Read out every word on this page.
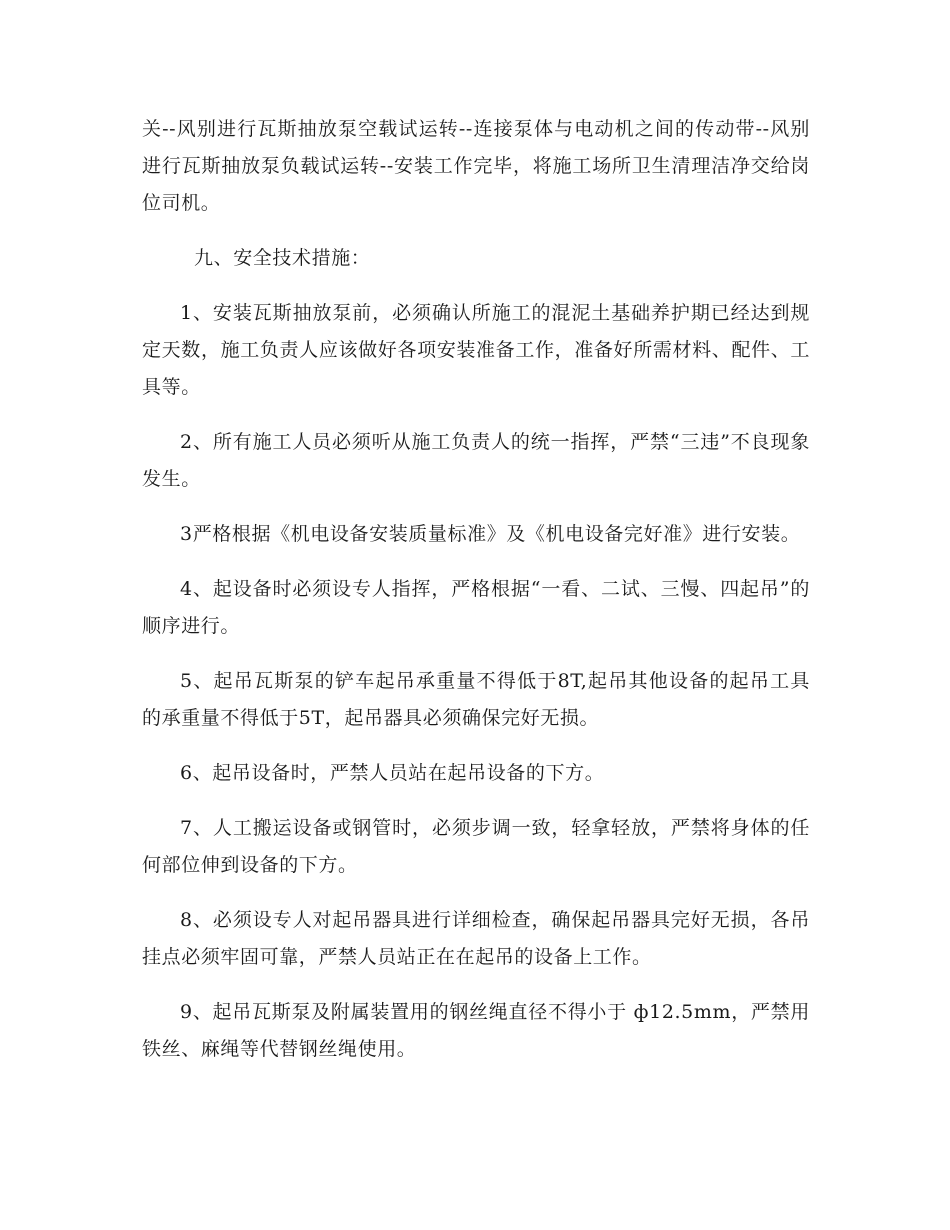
关--风别进行瓦斯抽放泵空载试运转--连接泵体与电动机之间的传动带--风别进行瓦斯抽放泵负载试运转--安装工作完毕，将施工场所卫生清理洁净交给岗位司机。

九、安全技术措施：

1、安装瓦斯抽放泵前，必须确认所施工的混泥土基础养护期已经达到规定天数，施工负责人应该做好各项安装准备工作，准备好所需材料、配件、工具等。

2、所有施工人员必须听从施工负责人的统一指挥，严禁“三违”不良现象发生。

3严格根据《机电设备安装质量标准》及《机电设备完好准》进行安装。

4、起设备时必须设专人指挥，严格根据“一看、二试、三慢、四起吊”的顺序进行。

5、起吊瓦斯泵的铲车起吊承重量不得低于8T,起吊其他设备的起吊工具的承重量不得低于5T，起吊器具必须确保完好无损。

6、起吊设备时，严禁人员站在起吊设备的下方。

7、人工搬运设备或钢管时，必须步调一致，轻拿轻放，严禁将身体的任何部位伸到设备的下方。

8、必须设专人对起吊器具进行详细检查，确保起吊器具完好无损，各吊挂点必须牢固可靠，严禁人员站正在在起吊的设备上工作。

9、起吊瓦斯泵及附属装置用的钢丝绳直径不得小于 ф12.5mm，严禁用铁丝、麻绳等代替钢丝绳使用。
